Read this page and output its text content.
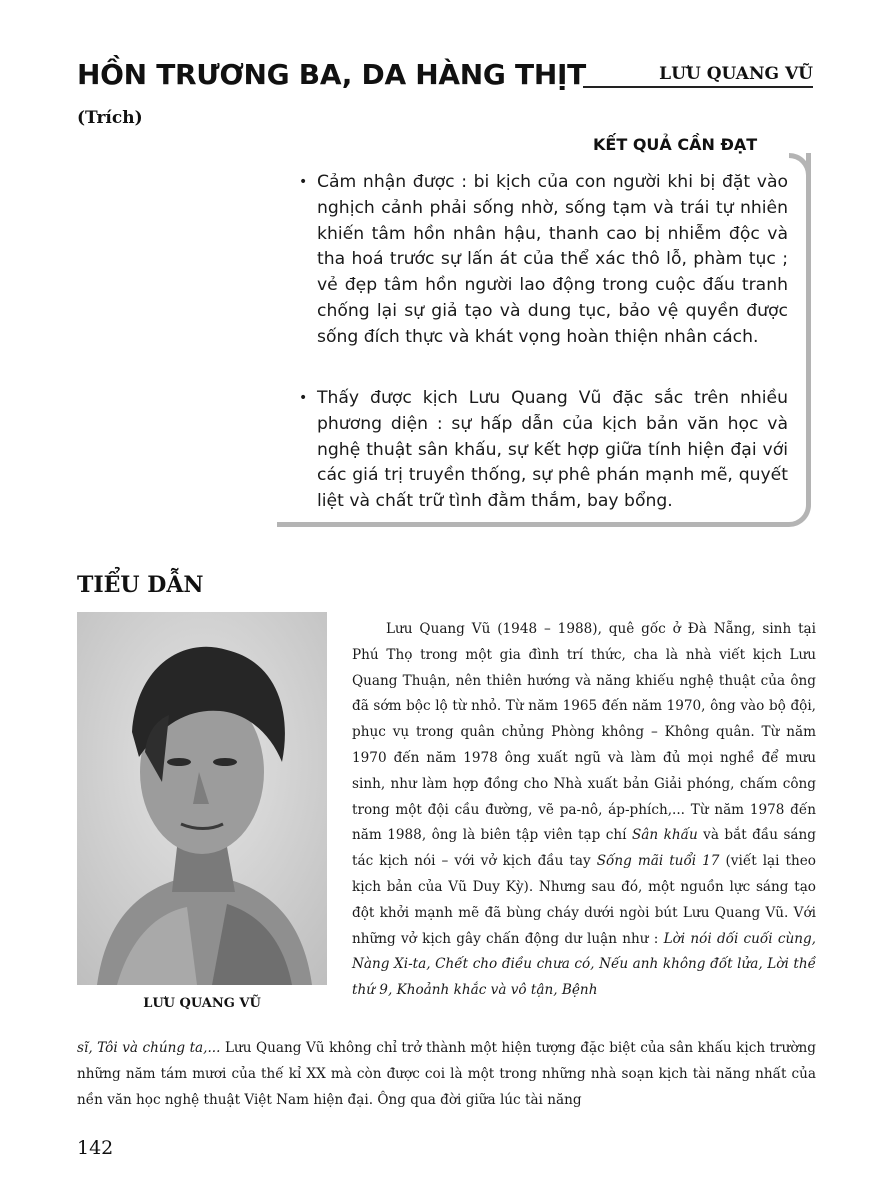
HỒN TRƯƠNG BA, DA HÀNG THỊT	LƯU QUANG VŨ
(Trích)
KẾT QUẢ CẦN ĐẠT
• Cảm nhận được : bi kịch của con người khi bị đặt vào nghịch cảnh phải sống nhờ, sống tạm và trái tự nhiên khiến tâm hồn nhân hậu, thanh cao bị nhiễm độc và tha hoá trước sự lấn át của thể xác thô lỗ, phàm tục ; vẻ đẹp tâm hồn người lao động trong cuộc đấu tranh chống lại sự giả tạo và dung tục, bảo vệ quyền được sống đích thực và khát vọng hoàn thiện nhân cách.
• Thấy được kịch Lưu Quang Vũ đặc sắc trên nhiều phương diện : sự hấp dẫn của kịch bản văn học và nghệ thuật sân khấu, sự kết hợp giữa tính hiện đại với các giá trị truyền thống, sự phê phán mạnh mẽ, quyết liệt và chất trữ tình đằm thắm, bay bổng.
TIỂU DẪN
LƯU QUANG VŨ

Lưu Quang Vũ (1948 – 1988), quê gốc ở Đà Nẵng, sinh tại Phú Thọ trong một gia đình trí thức, cha là nhà viết kịch Lưu Quang Thuận, nên thiên hướng và năng khiếu nghệ thuật của ông đã sớm bộc lộ từ nhỏ. Từ năm 1965 đến năm 1970, ông vào bộ đội, phục vụ trong quân chủng Phòng không – Không quân. Từ năm 1970 đến năm 1978 ông xuất ngũ và làm đủ mọi nghề để mưu sinh, như làm hợp đồng cho Nhà xuất bản Giải phóng, chấm công trong một đội cầu đường, vẽ pa-nô, áp-phích,... Từ năm 1978 đến năm 1988, ông là biên tập viên tạp chí Sân khấu và bắt đầu sáng tác kịch nói – với vở kịch đầu tay Sống mãi tuổi 17 (viết lại theo kịch bản của Vũ Duy Kỳ). Nhưng sau đó, một nguồn lực sáng tạo đột khởi mạnh mẽ đã bùng cháy dưới ngòi bút Lưu Quang Vũ. Với những vở kịch gây chấn động dư luận như : Lời nói dối cuối cùng, Nàng Xi-ta, Chết cho điều chưa có, Nếu anh không đốt lửa, Lời thề thứ 9, Khoảnh khắc và vô tận, Bệnh

sĩ, Tôi và chúng ta,... Lưu Quang Vũ không chỉ trở thành một hiện tượng đặc biệt của sân khấu kịch trường những năm tám mươi của thế kỉ XX mà còn được coi là một trong những nhà soạn kịch tài năng nhất của nền văn học nghệ thuật Việt Nam hiện đại. Ông qua đời giữa lúc tài năng

142
